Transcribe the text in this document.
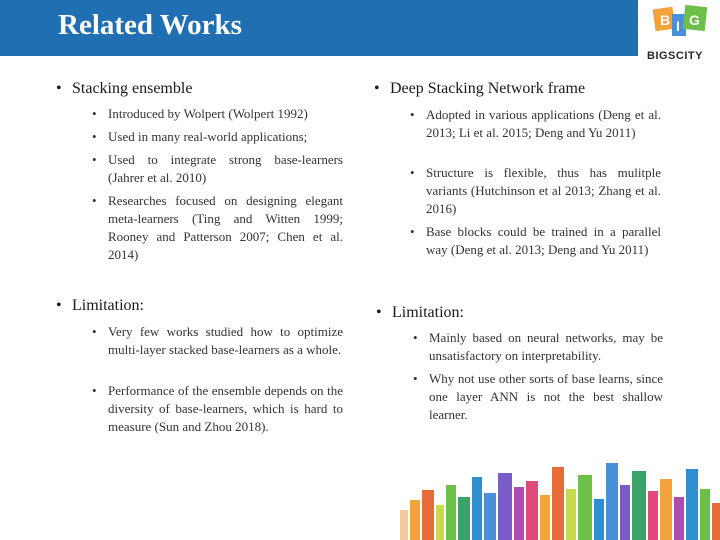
Related Works	B I G
BIGSCITY
• Stacking ensemble
• Introduced by Wolpert (Wolpert 1992)
• Used in many real-world applications;
• Used to integrate strong base-learners (Jahrer et al. 2010)
• Researches focused on designing elegant meta-learners (Ting and Witten 1999; Rooney and Patterson 2007; Chen et al. 2014)
• Limitation:
• Very few works studied how to optimize multi-layer stacked base-learners as a whole.
• Performance of the ensemble depends on the diversity of base-learners, which is hard to measure (Sun and Zhou 2018).
• Deep Stacking Network frame
• Adopted in various applications (Deng et al. 2013; Li et al. 2015; Deng and Yu 2011)
• Structure is flexible, thus has mulitple variants (Hutchinson et al 2013; Zhang et al. 2016)
• Base blocks could be trained in a parallel way (Deng et al. 2013; Deng and Yu 2011)
• Limitation:
• Mainly based on neural networks, may be unsatisfactory on interpretability.
• Why not use other sorts of base learns, since one layer ANN is not the best shallow learner.
